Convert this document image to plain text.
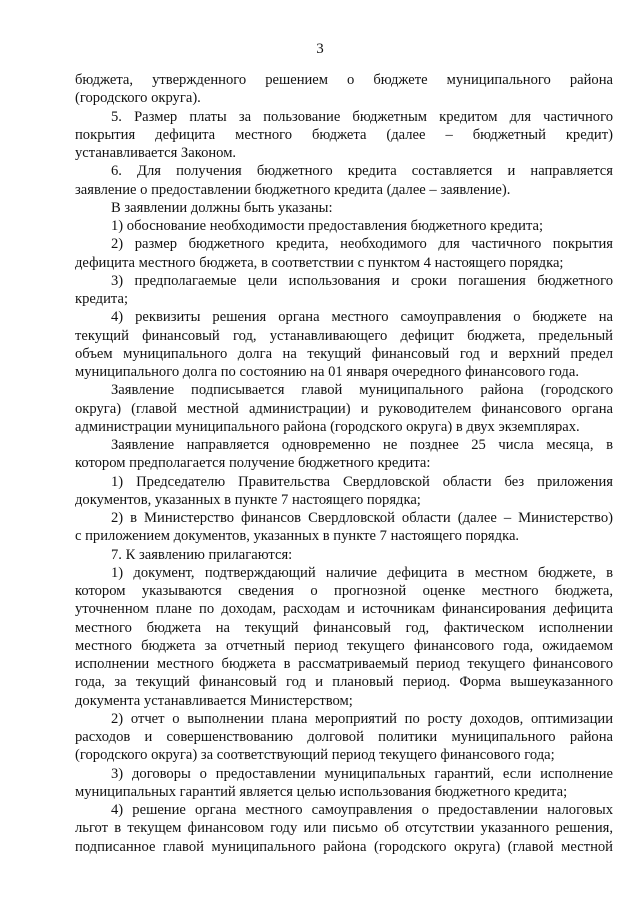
3
бюджета, утвержденного решением о бюджете муниципального района
(городского округа).
5. Размер платы за пользование бюджетным кредитом для частичного
покрытия дефицита местного бюджета (далее – бюджетный кредит)
устанавливается Законом.
6. Для получения бюджетного кредита составляется и направляется
заявление о предоставлении бюджетного кредита (далее – заявление).
В заявлении должны быть указаны:
1) обоснование необходимости предоставления бюджетного кредита;
2) размер бюджетного кредита, необходимого для частичного покрытия
дефицита местного бюджета, в соответствии с пунктом 4 настоящего порядка;
3) предполагаемые цели использования и сроки погашения бюджетного
кредита;
4) реквизиты решения органа местного самоуправления о бюджете на
текущий финансовый год, устанавливающего дефицит бюджета, предельный
объем муниципального долга на текущий финансовый год и верхний предел
муниципального долга по состоянию на 01 января очередного финансового года.
Заявление подписывается главой муниципального района (городского
округа) (главой местной администрации) и руководителем финансового органа
администрации муниципального района (городского округа) в двух экземплярах.
Заявление направляется одновременно не позднее 25 числа месяца, в
котором предполагается получение бюджетного кредита:
1) Председателю Правительства Свердловской области без приложения
документов, указанных в пункте 7 настоящего порядка;
2) в Министерство финансов Свердловской области (далее – Министерство)
с приложением документов, указанных в пункте 7 настоящего порядка.
7. К заявлению прилагаются:
1) документ, подтверждающий наличие дефицита в местном бюджете, в
котором указываются сведения о прогнозной оценке местного бюджета,
уточненном плане по доходам, расходам и источникам финансирования дефицита
местного бюджета на текущий финансовый год, фактическом исполнении
местного бюджета за отчетный период текущего финансового года, ожидаемом
исполнении местного бюджета в рассматриваемый период текущего финансового
года, за текущий финансовый год и плановый период. Форма вышеуказанного
документа устанавливается Министерством;
2) отчет о выполнении плана мероприятий по росту доходов, оптимизации
расходов и совершенствованию долговой политики муниципального района
(городского округа) за соответствующий период текущего финансового года;
3) договоры о предоставлении муниципальных гарантий, если исполнение
муниципальных гарантий является целью использования бюджетного кредита;
4) решение органа местного самоуправления о предоставлении налоговых
льгот в текущем финансовом году или письмо об отсутствии указанного решения,
подписанное главой муниципального района (городского округа) (главой местной
